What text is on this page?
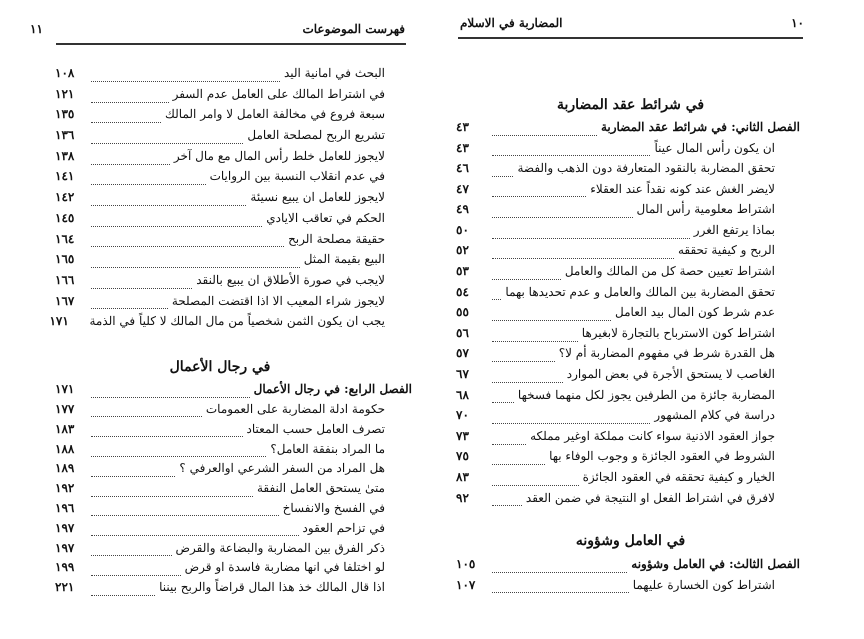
١١	فهرست الموضوعات
البحث في امانية اليد
١٠٨
في اشتراط المالك على العامل عدم السفر
١٢١
سبعة فروع في مخالفة العامل لا وامر المالك
١٣٥
تشريع الربح لمصلحة العامل
١٣٦
لايجوز للعامل خلط رأس المال مع مال آخر
١٣٨
في عدم انقلاب النسبة بين الروايات
١٤١
لايجوز للعامل ان يبيع نسيئة
١٤٢
الحكم في تعاقب الايادي
١٤٥
حقيقة مصلحة الربح
١٦٤
البيع بقيمة المثل
١٦٥
لايجب في صورة الأطلاق ان يبيع بالنقد
١٦٦
لايجوز شراء المعيب الا اذا اقتضت المصلحة
١٦٧
يجب ان يكون الثمن شخصياً من مال المالك لا كلياً في الذمة
١٧١
في رجال الأعمال
الفصل الرابع: في رجال الأعمال
١٧١
حكومة ادلة المضاربة على العمومات
١٧٧
تصرف العامل حسب المعتاد
١٨٣
ما المراد بنفقة العامل؟
١٨٨
هل المراد من السفر الشرعي اوالعرفي ؟
١٨٩
متىٰ يستحق العامل النفقة
١٩٢
في الفسخ والانفساخ
١٩٦
في تزاحم العقود
١٩٧
ذكر الفرق بين المضاربة والبضاعة والقرض
١٩٧
لو اختلفا في انها مضاربة فاسدة او قرض
١٩٩
اذا قال المالك خذ هذا المال قراضاً والربح بيننا
٢٢١
١٠
المضاربة في الاسلام
في شرائط عقد المضاربة
الفصل الثاني: في شرائط عقد المضاربة
٤٣
ان يكون رأس المال عيناً
٤٣
تحقق المضاربة بالنقود المتعارفة دون الذهب والفضة
٤٦
لايضر الغش عند كونه نقداً عند العقلاء
٤٧
اشتراط معلومية رأس المال
٤٩
بماذا يرتفع الغرر
٥٠
الربح و كيفية تحققه
٥٢
اشتراط تعيين حصة كل من المالك والعامل
٥٣
تحقق المضاربة بين المالك والعامل و عدم تحديدها بهما
٥٤
عدم شرط كون المال بيد العامل
٥٥
اشتراط كون الاسترباح بالتجارة لابغيرها
٥٦
هل القدرة شرط في مفهوم المضاربة أم لا؟
٥٧
الغاصب لا يستحق الأجرة في بعض الموارد
٦٧
المضاربة جائزة من الطرفين يجوز لكل منهما فسخها
٦٨
دراسة في كلام المشهور
٧٠
جواز العقود الاذنية سواء كانت مملكة اوغير مملكه
٧٣
الشروط في العقود الجائزة و وجوب الوفاء بها
٧٥
الخيار و كيفية تحققه في العقود الجائزة
٨٣
لافرق في اشتراط الفعل او النتيجة في ضمن العقد
٩٢
في العامل وشؤونه
الفصل الثالث: في العامل وشؤونه
١٠٥
اشتراط كون الخسارة عليهما
١٠٧
